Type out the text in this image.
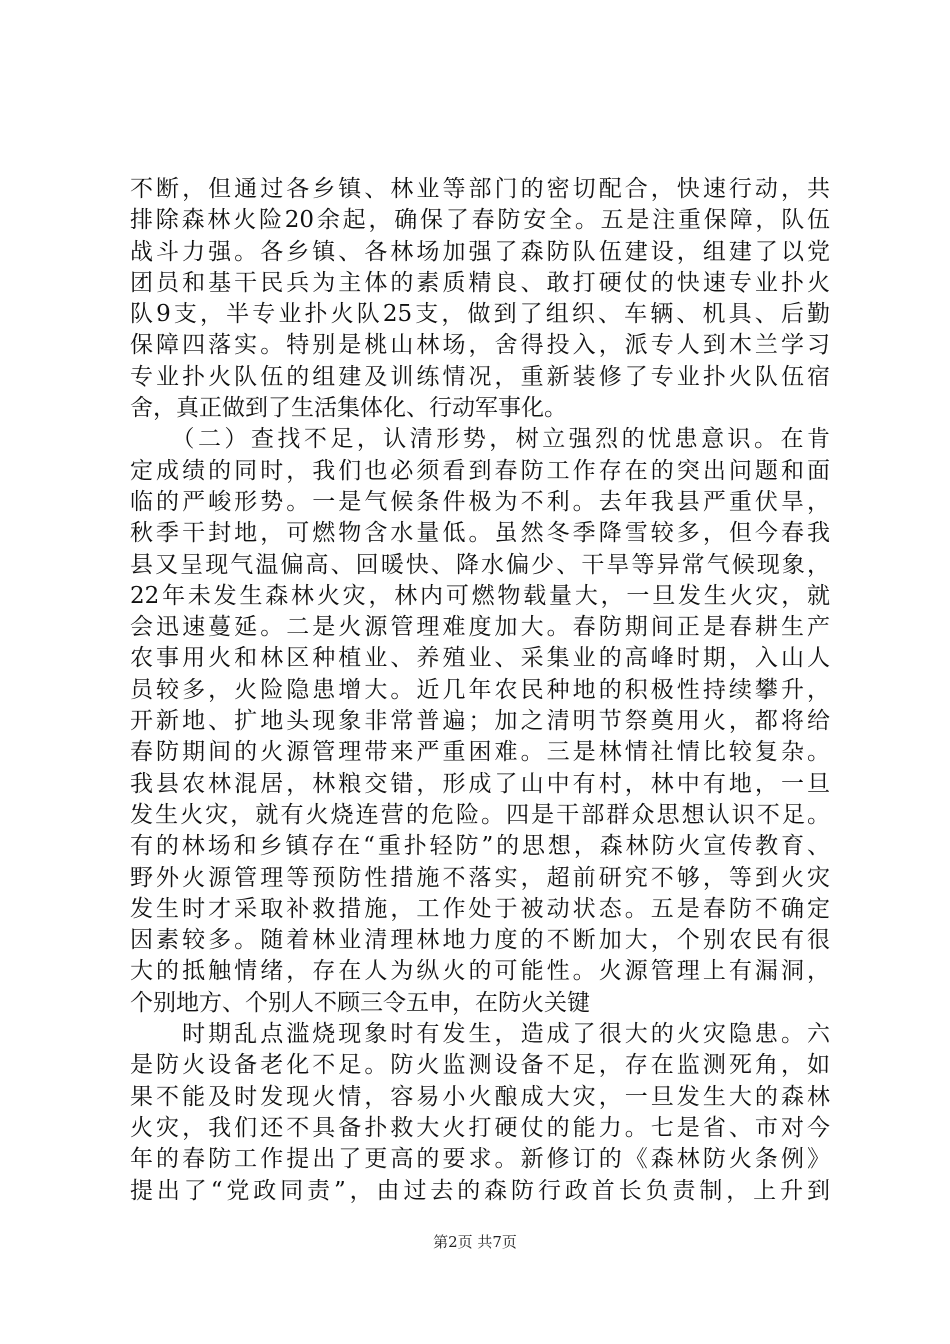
不断，但通过各乡镇、林业等部门的密切配合，快速行动，共
排除森林火险20余起，确保了春防安全。五是注重保障，队伍
战斗力强。各乡镇、各林场加强了森防队伍建设，组建了以党
团员和基干民兵为主体的素质精良、敢打硬仗的快速专业扑火
队9支，半专业扑火队25支，做到了组织、车辆、机具、后勤
保障四落实。特别是桃山林场，舍得投入，派专人到木兰学习
专业扑火队伍的组建及训练情况，重新装修了专业扑火队伍宿
舍，真正做到了生活集体化、行动军事化。
　　（二）查找不足，认清形势，树立强烈的忧患意识。在肯
定成绩的同时，我们也必须看到春防工作存在的突出问题和面
临的严峻形势。一是气候条件极为不利。去年我县严重伏旱，
秋季干封地，可燃物含水量低。虽然冬季降雪较多，但今春我
县又呈现气温偏高、回暖快、降水偏少、干旱等异常气候现象，
22年未发生森林火灾，林内可燃物载量大，一旦发生火灾，就
会迅速蔓延。二是火源管理难度加大。春防期间正是春耕生产
农事用火和林区种植业、养殖业、采集业的高峰时期，入山人
员较多，火险隐患增大。近几年农民种地的积极性持续攀升，
开新地、扩地头现象非常普遍；加之清明节祭奠用火，都将给
春防期间的火源管理带来严重困难。三是林情社情比较复杂。
我县农林混居，林粮交错，形成了山中有村，林中有地，一旦
发生火灾，就有火烧连营的危险。四是干部群众思想认识不足。
有的林场和乡镇存在“重扑轻防”的思想，森林防火宣传教育、
野外火源管理等预防性措施不落实，超前研究不够，等到火灾
发生时才采取补救措施，工作处于被动状态。五是春防不确定
因素较多。随着林业清理林地力度的不断加大，个别农民有很
大的抵触情绪，存在人为纵火的可能性。火源管理上有漏洞，
个别地方、个别人不顾三令五申，在防火关键
　　时期乱点滥烧现象时有发生，造成了很大的火灾隐患。六
是防火设备老化不足。防火监测设备不足，存在监测死角，如
果不能及时发现火情，容易小火酿成大灾，一旦发生大的森林
火灾，我们还不具备扑救大火打硬仗的能力。七是省、市对今
年的春防工作提出了更高的要求。新修订的《森林防火条例》
提出了“党政同责”，由过去的森防行政首长负责制，上升到
第2页 共7页
